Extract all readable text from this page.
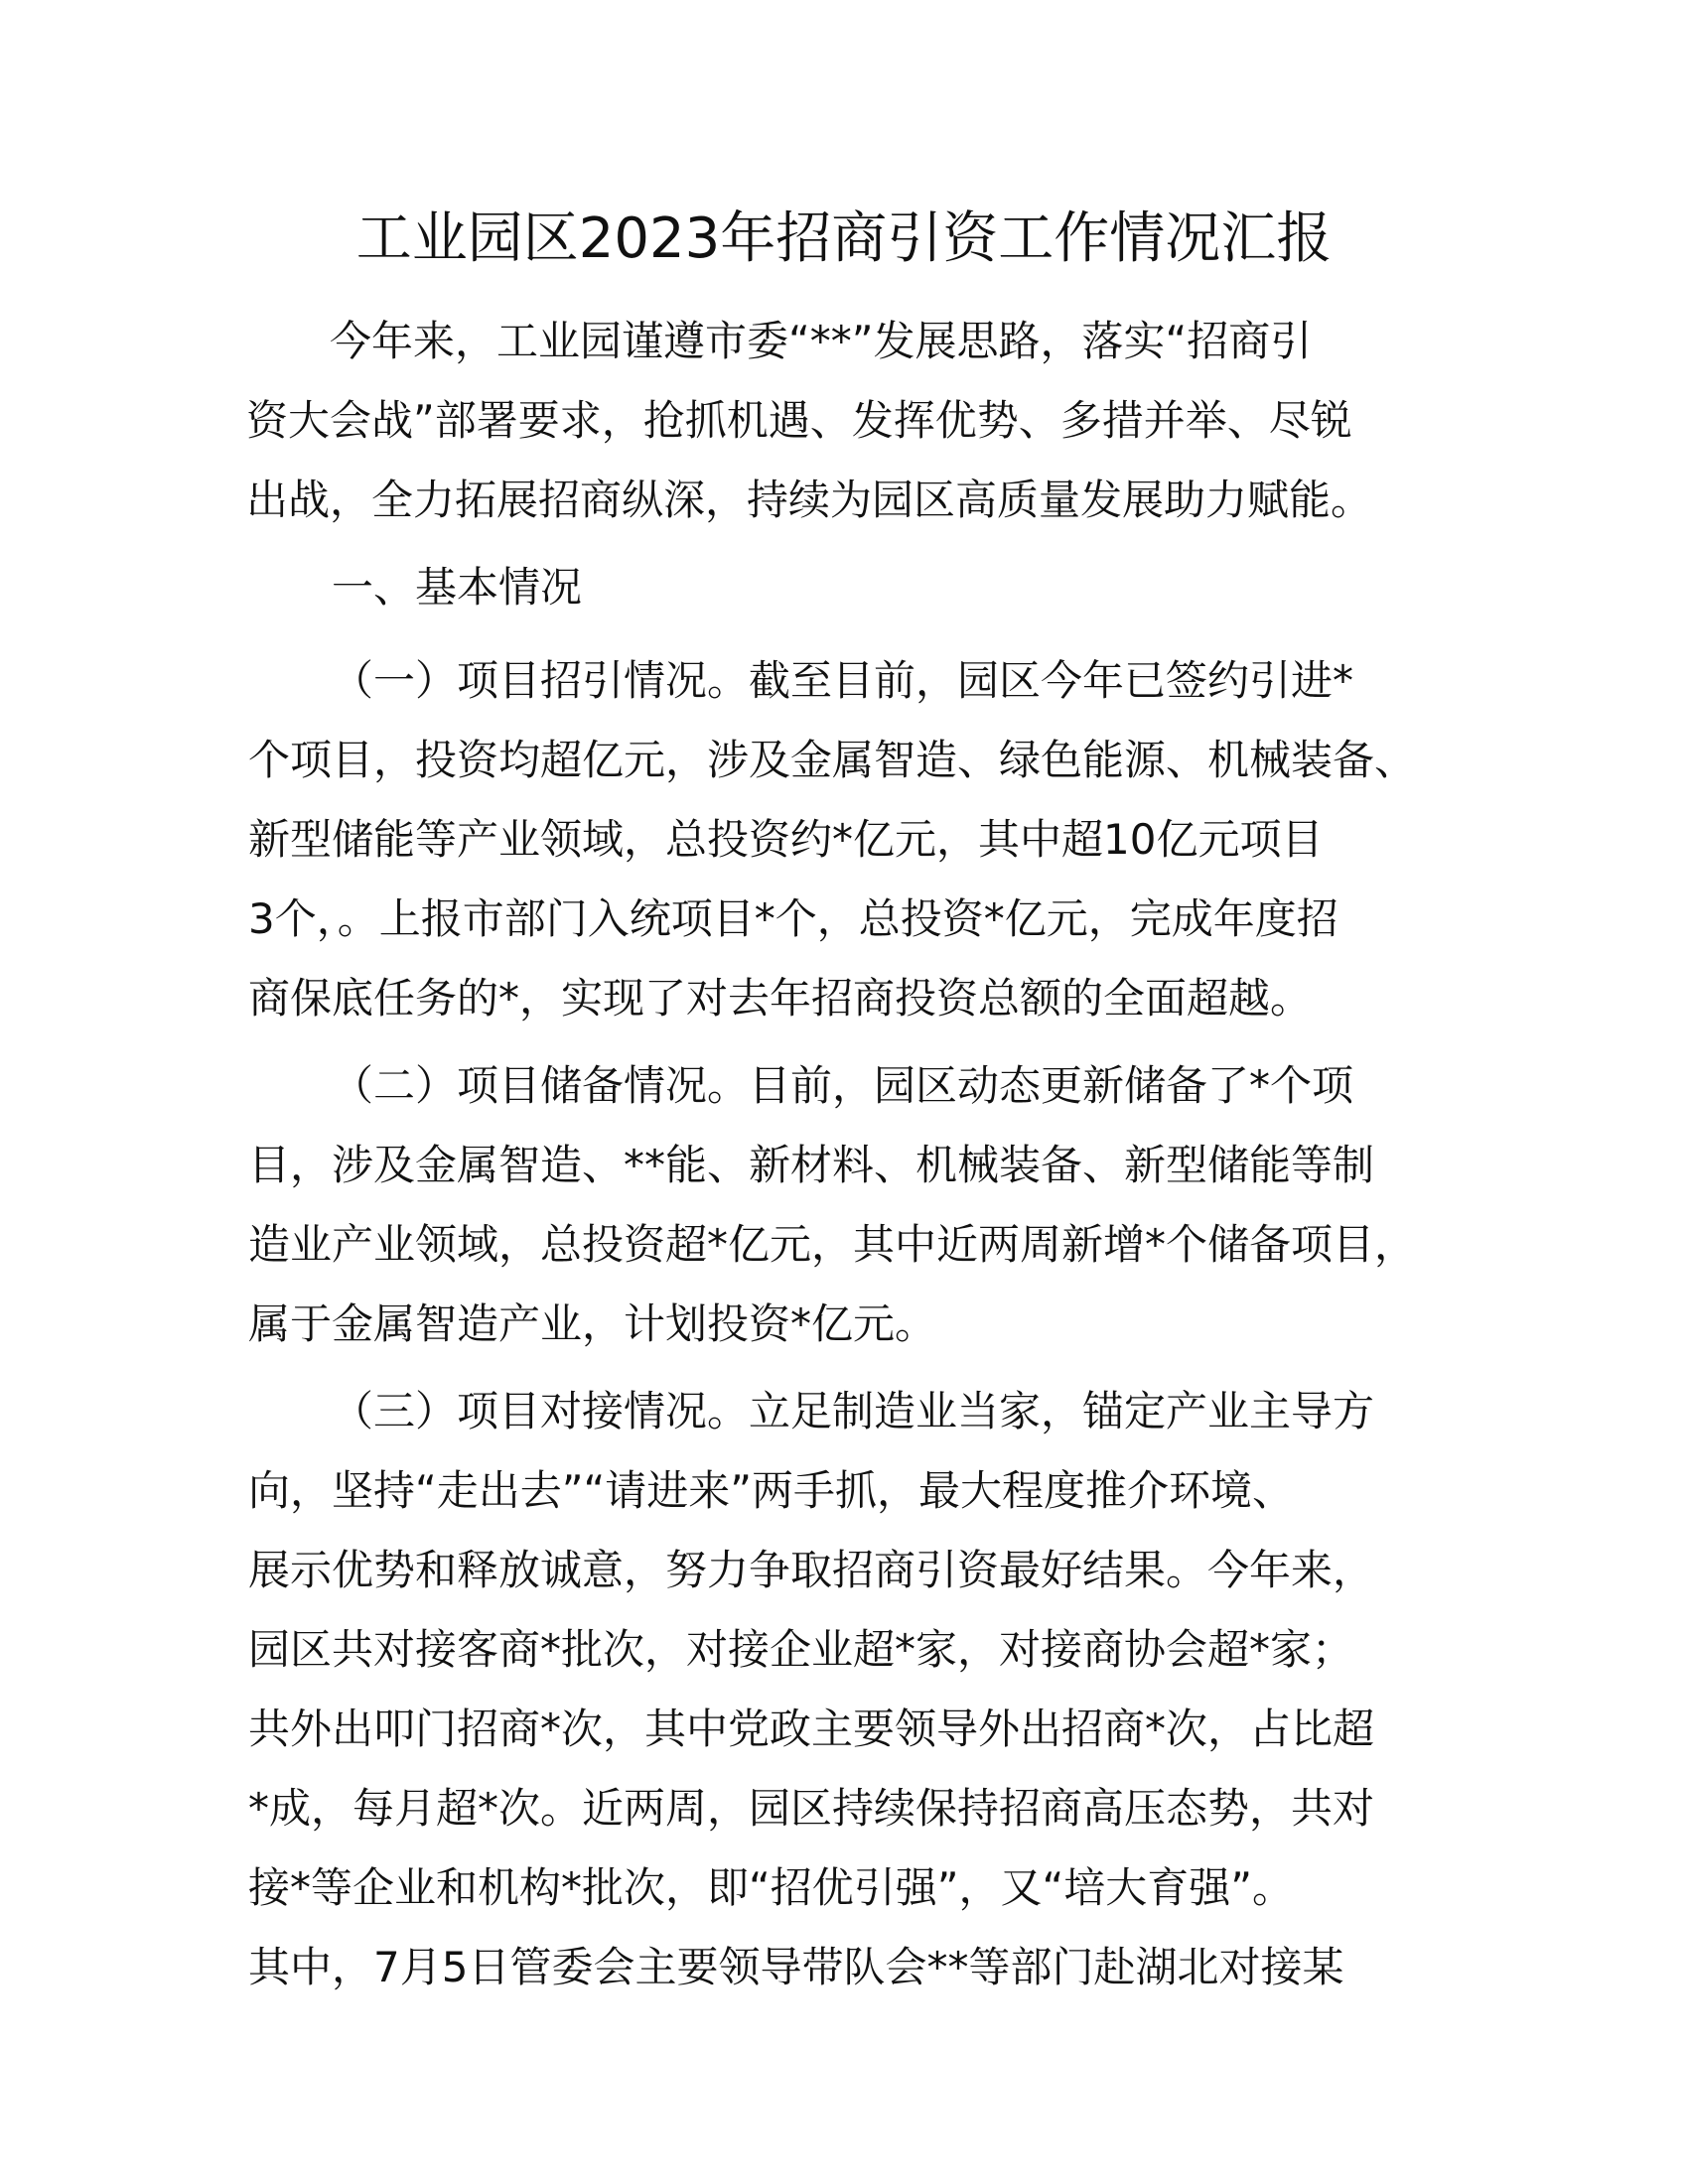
工业园区2023年招商引资工作情况汇报

今年来，工业园谨遵市委“**”发展思路，落实“招商引
资大会战”部署要求，抢抓机遇、发挥优势、多措并举、尽锐
出战，全力拓展招商纵深，持续为园区高质量发展助力赋能。

一、基本情况

（一）项目招引情况。截至目前，园区今年已签约引进*
个项目，投资均超亿元，涉及金属智造、绿色能源、机械装备、
新型储能等产业领域，总投资约*亿元，其中超10亿元项目
3个，。上报市部门入统项目*个，总投资*亿元，完成年度招
商保底任务的*，实现了对去年招商投资总额的全面超越。

（二）项目储备情况。目前，园区动态更新储备了*个项
目，涉及金属智造、**能、新材料、机械装备、新型储能等制
造业产业领域，总投资超*亿元，其中近两周新增*个储备项目，
属于金属智造产业，计划投资*亿元。

（三）项目对接情况。立足制造业当家，锚定产业主导方
向，坚持“走出去”“请进来”两手抓，最大程度推介环境、
展示优势和释放诚意，努力争取招商引资最好结果。今年来，
园区共对接客商*批次，对接企业超*家，对接商协会超*家；
共外出叩门招商*次，其中党政主要领导外出招商*次，占比超
*成，每月超*次。近两周，园区持续保持招商高压态势，共对
接*等企业和机构*批次，即“招优引强”，又“培大育强”。
其中，7月5日管委会主要领导带队会**等部门赴湖北对接某
